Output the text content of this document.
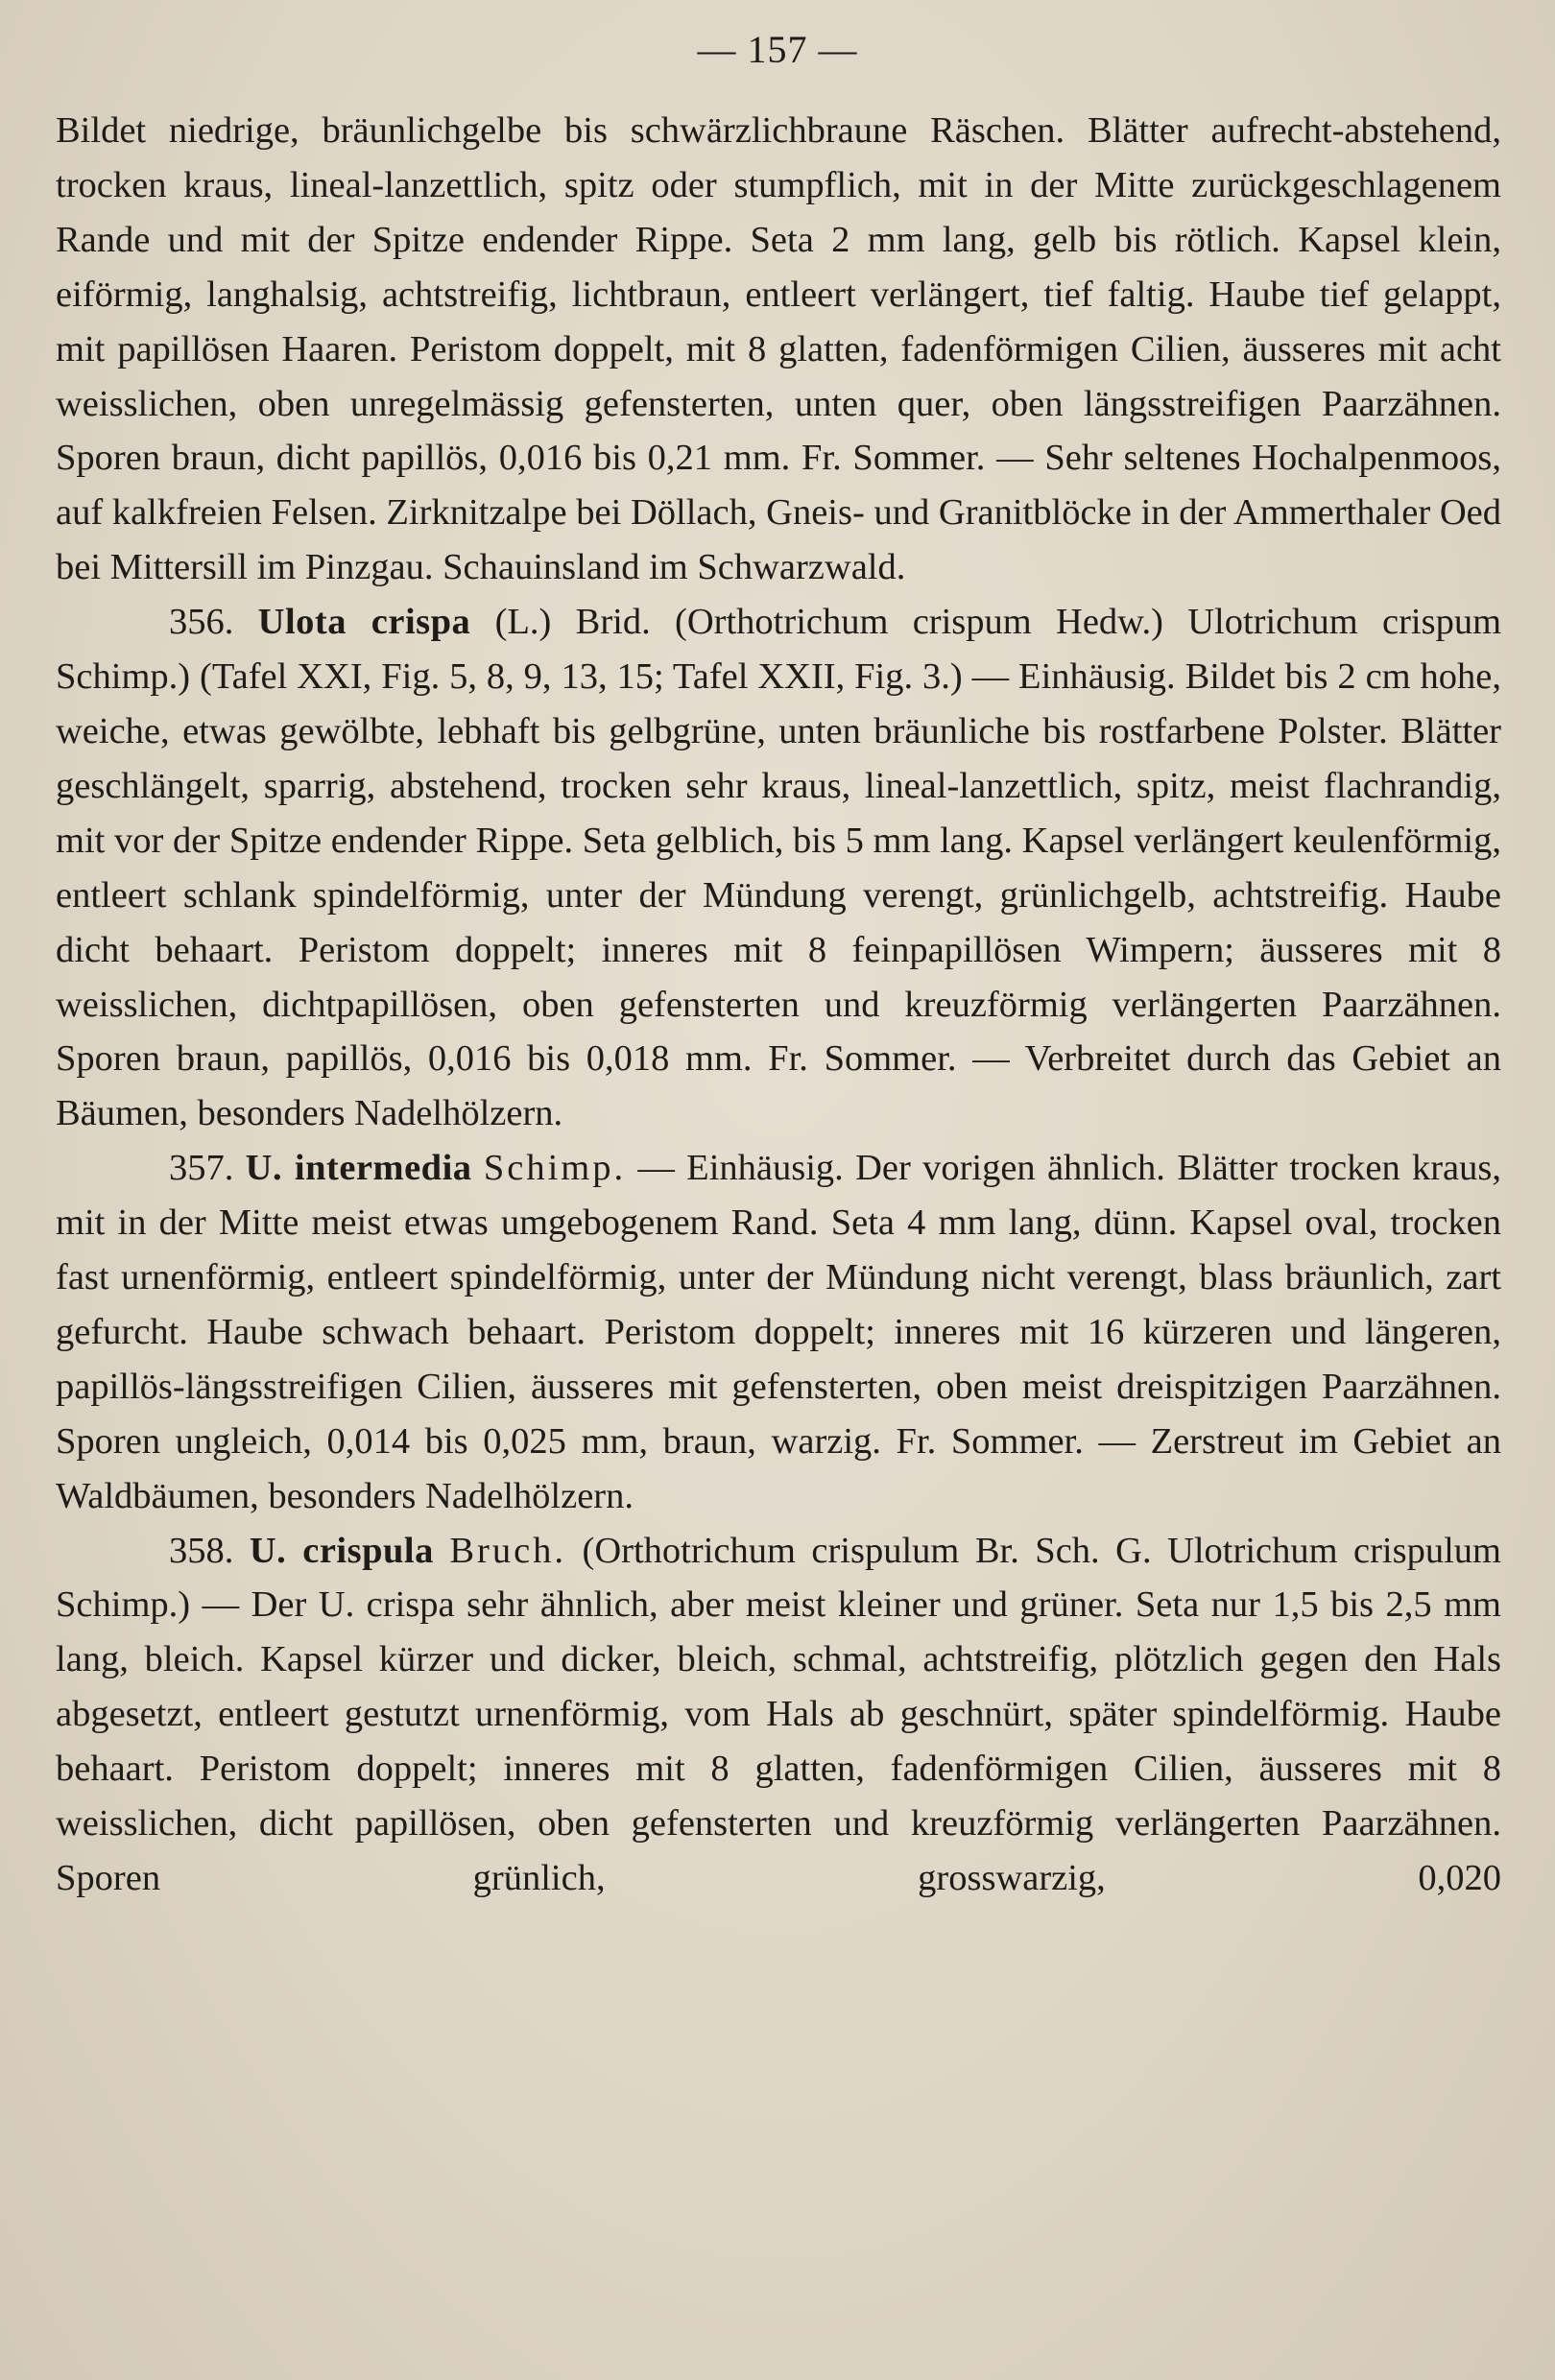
— 157 —

Bildet niedrige, bräunlichgelbe bis schwärzlichbraune Räschen. Blätter aufrecht-abstehend, trocken kraus, lineal-lanzettlich, spitz oder stumpflich, mit in der Mitte zurückgeschlagenem Rande und mit der Spitze endender Rippe. Seta 2 mm lang, gelb bis rötlich. Kapsel klein, eiförmig, langhalsig, achtstreifig, lichtbraun, entleert verlängert, tief faltig. Haube tief gelappt, mit papillösen Haaren. Peristom doppelt, mit 8 glatten, fadenförmigen Cilien, äusseres mit acht weisslichen, oben unregelmässig gefensterten, unten quer, oben längsstreifigen Paarzähnen. Sporen braun, dicht papillös, 0,016 bis 0,21 mm. Fr. Sommer. — Sehr seltenes Hochalpenmoos, auf kalkfreien Felsen. Zirknitzalpe bei Döllach, Gneis- und Granitblöcke in der Ammerthaler Oed bei Mittersill im Pinzgau. Schauinsland im Schwarzwald.

356. Ulota crispa (L.) Brid. (Orthotrichum crispum Hedw.) Ulotrichum crispum Schimp.) (Tafel XXI, Fig. 5, 8, 9, 13, 15; Tafel XXII, Fig. 3.) — Einhäusig. Bildet bis 2 cm hohe, weiche, etwas gewölbte, lebhaft bis gelbgrüne, unten bräunliche bis rostfarbene Polster. Blätter geschlängelt, sparrig, abstehend, trocken sehr kraus, lineal-lanzettlich, spitz, meist flachrandig, mit vor der Spitze endender Rippe. Seta gelblich, bis 5 mm lang. Kapsel verlängert keulenförmig, entleert schlank spindelförmig, unter der Mündung verengt, grünlichgelb, achtstreifig. Haube dicht behaart. Peristom doppelt; inneres mit 8 feinpapillösen Wimpern; äusseres mit 8 weisslichen, dichtpapillösen, oben gefensterten und kreuzförmig verlängerten Paarzähnen. Sporen braun, papillös, 0,016 bis 0,018 mm. Fr. Sommer. — Verbreitet durch das Gebiet an Bäumen, besonders Nadelhölzern.

357. U. intermedia Schimp. — Einhäusig. Der vorigen ähnlich. Blätter trocken kraus, mit in der Mitte meist etwas umgebogenem Rand. Seta 4 mm lang, dünn. Kapsel oval, trocken fast urnenförmig, entleert spindelförmig, unter der Mündung nicht verengt, blass bräunlich, zart gefurcht. Haube schwach behaart. Peristom doppelt; inneres mit 16 kürzeren und längeren, papillös-längsstreifigen Cilien, äusseres mit gefensterten, oben meist dreispitzigen Paarzähnen. Sporen ungleich, 0,014 bis 0,025 mm, braun, warzig. Fr. Sommer. — Zerstreut im Gebiet an Waldbäumen, besonders Nadelhölzern.

358. U. crispula Bruch. (Orthotrichum crispulum Br. Sch. G. Ulotrichum crispulum Schimp.) — Der U. crispa sehr ähnlich, aber meist kleiner und grüner. Seta nur 1,5 bis 2,5 mm lang, bleich. Kapsel kürzer und dicker, bleich, schmal, achtstreifig, plötzlich gegen den Hals abgesetzt, entleert gestutzt urnenförmig, vom Hals ab geschnürt, später spindelförmig. Haube behaart. Peristom doppelt; inneres mit 8 glatten, fadenförmigen Cilien, äusseres mit 8 weisslichen, dicht papillösen, oben gefensterten und kreuzförmig verlängerten Paarzähnen. Sporen grünlich, grosswarzig, 0,020
